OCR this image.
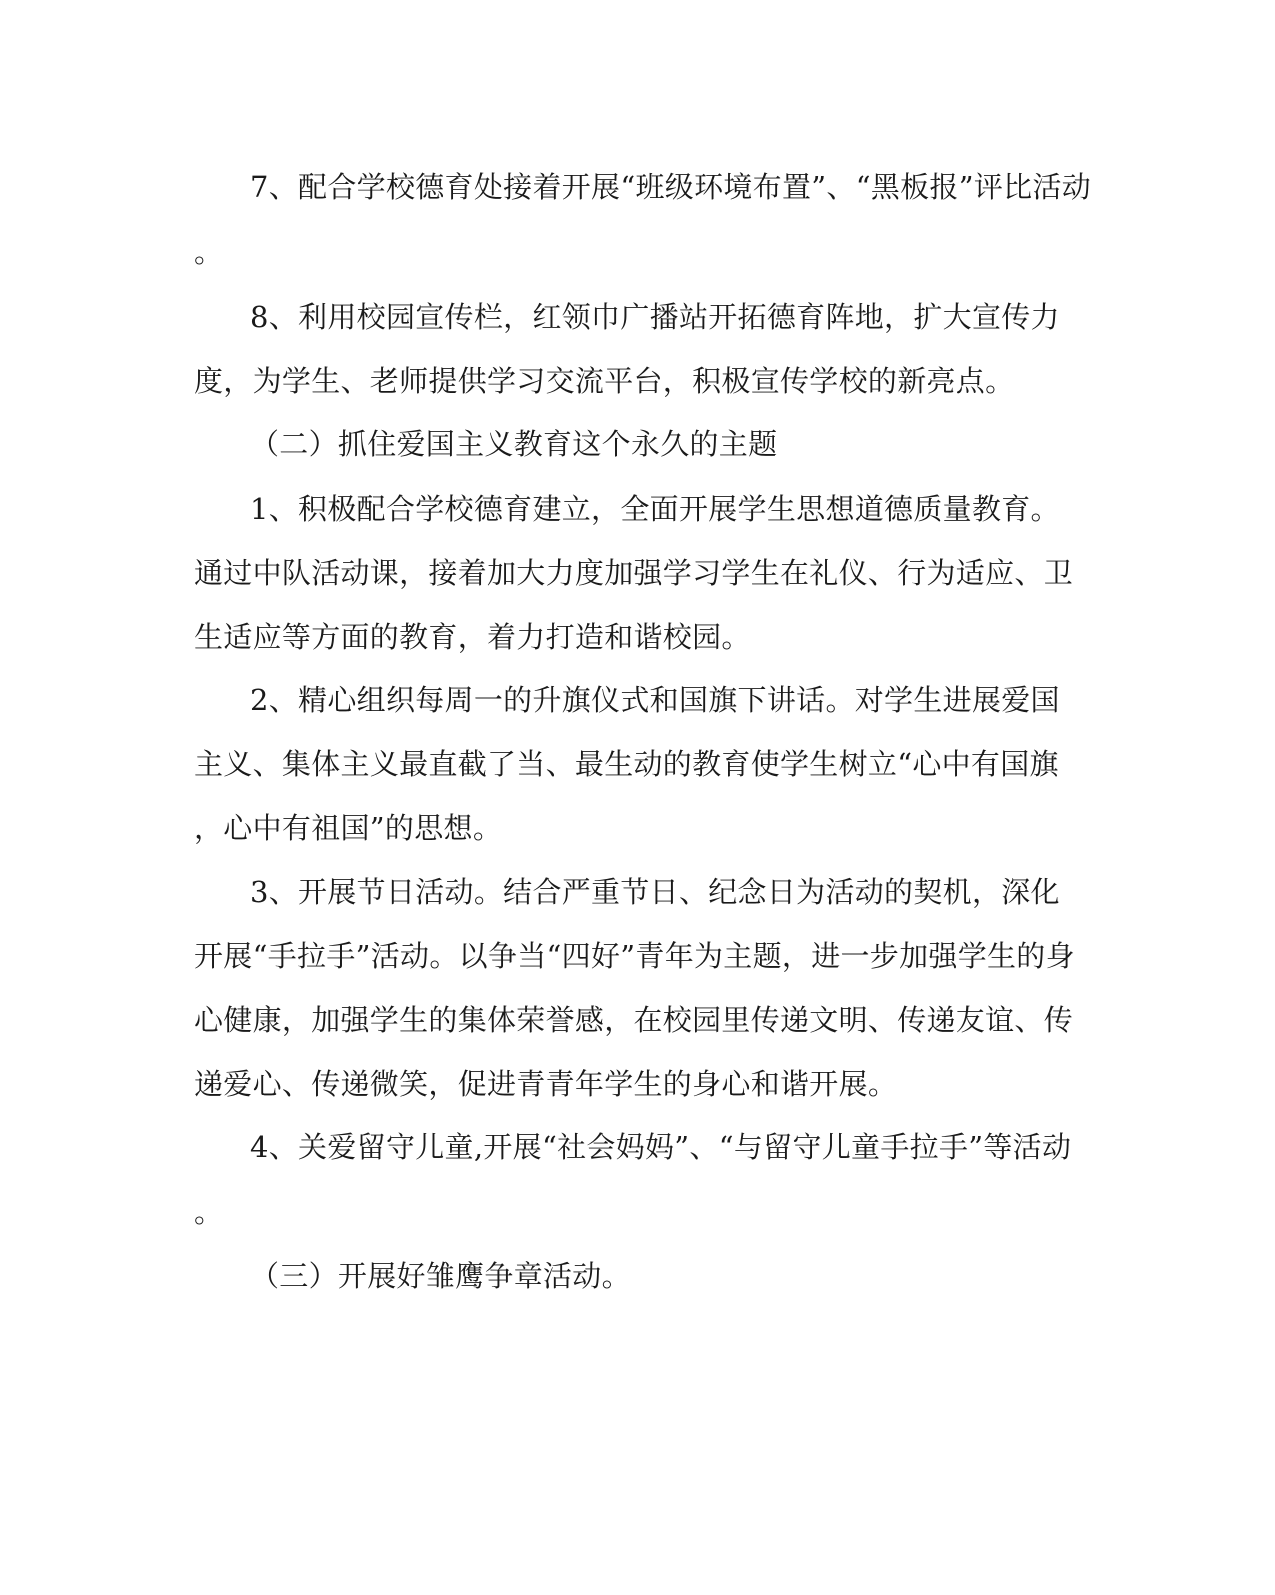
7、配合学校德育处接着开展“班级环境布置”、“黑板报”评比活动
。
8、利用校园宣传栏，红领巾广播站开拓德育阵地，扩大宣传力
度，为学生、老师提供学习交流平台，积极宣传学校的新亮点。
（二）抓住爱国主义教育这个永久的主题
1、积极配合学校德育建立，全面开展学生思想道德质量教育。
通过中队活动课，接着加大力度加强学习学生在礼仪、行为适应、卫
生适应等方面的教育，着力打造和谐校园。
2、精心组织每周一的升旗仪式和国旗下讲话。对学生进展爱国
主义、集体主义最直截了当、最生动的教育使学生树立“心中有国旗
，心中有祖国”的思想。
3、开展节日活动。结合严重节日、纪念日为活动的契机，深化
开展“手拉手”活动。以争当“四好”青年为主题，进一步加强学生的身
心健康，加强学生的集体荣誉感，在校园里传递文明、传递友谊、传
递爱心、传递微笑，促进青青年学生的身心和谐开展。
4、关爱留守儿童,开展“社会妈妈”、“与留守儿童手拉手”等活动
。
（三）开展好雏鹰争章活动。
